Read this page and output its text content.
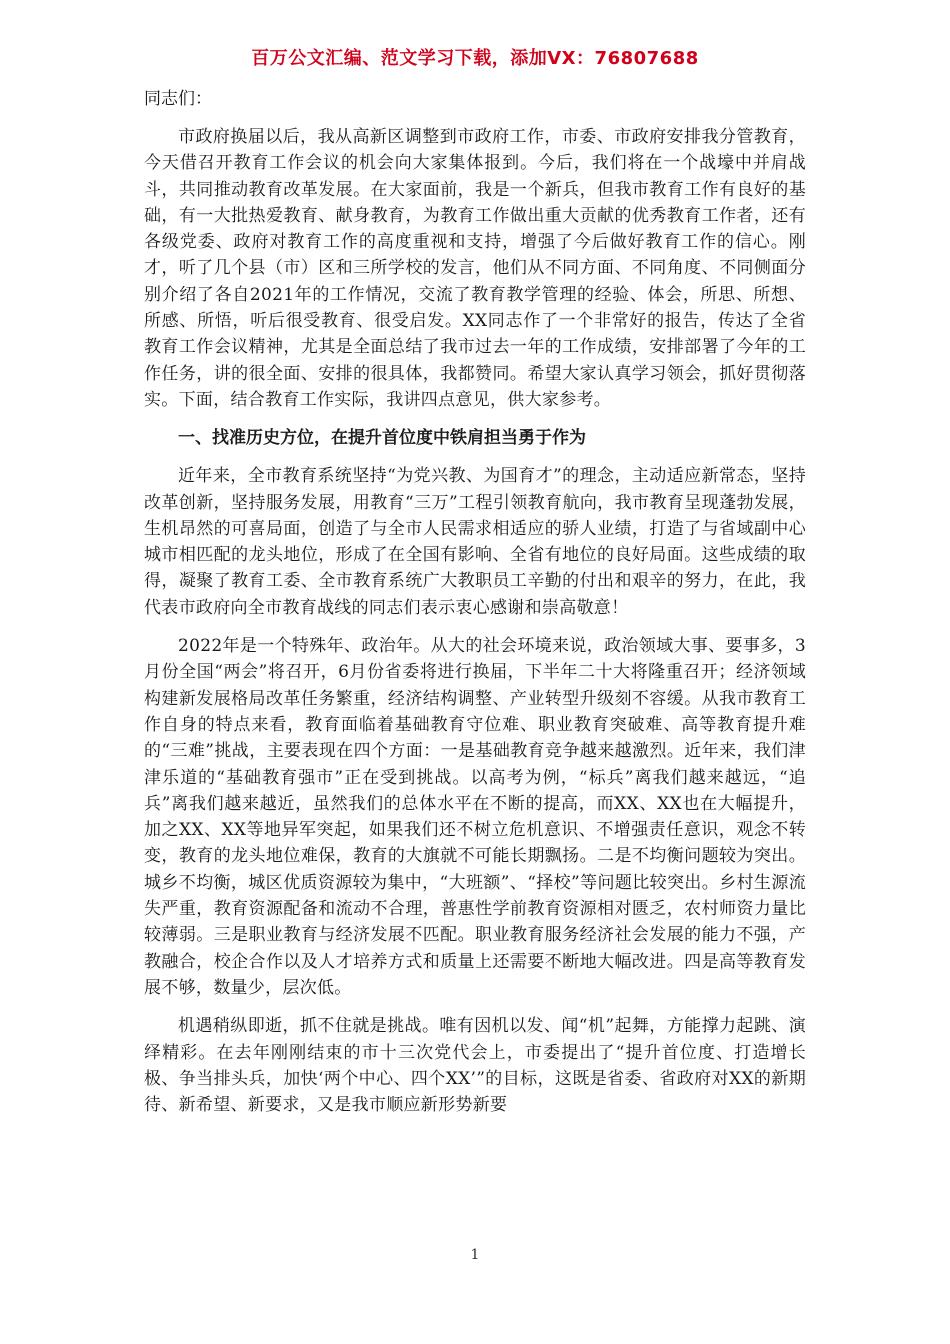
百万公文汇编、范文学习下载，添加VX：76807688

同志们：

市政府换届以后，我从高新区调整到市政府工作，市委、市政府安排我分管教育，今天借召开教育工作会议的机会向大家集体报到。今后，我们将在一个战壕中并肩战斗，共同推动教育改革发展。在大家面前，我是一个新兵，但我市教育工作有良好的基础，有一大批热爱教育、献身教育，为教育工作做出重大贡献的优秀教育工作者，还有各级党委、政府对教育工作的高度重视和支持，增强了今后做好教育工作的信心。刚才，听了几个县（市）区和三所学校的发言，他们从不同方面、不同角度、不同侧面分别介绍了各自2021年的工作情况，交流了教育教学管理的经验、体会，所思、所想、所感、所悟，听后很受教育、很受启发。XX同志作了一个非常好的报告，传达了全省教育工作会议精神，尤其是全面总结了我市过去一年的工作成绩，安排部署了今年的工作任务，讲的很全面、安排的很具体，我都赞同。希望大家认真学习领会，抓好贯彻落实。下面，结合教育工作实际，我讲四点意见，供大家参考。

一、找准历史方位，在提升首位度中铁肩担当勇于作为

近年来，全市教育系统坚持“为党兴教、为国育才”的理念，主动适应新常态，坚持改革创新，坚持服务发展，用教育“三万”工程引领教育航向，我市教育呈现蓬勃发展，生机昂然的可喜局面，创造了与全市人民需求相适应的骄人业绩，打造了与省域副中心城市相匹配的龙头地位，形成了在全国有影响、全省有地位的良好局面。这些成绩的取得，凝聚了教育工委、全市教育系统广大教职员工辛勤的付出和艰辛的努力，在此，我代表市政府向全市教育战线的同志们表示衷心感谢和崇高敬意！

2022年是一个特殊年、政治年。从大的社会环境来说，政治领域大事、要事多，3月份全国“两会”将召开，6月份省委将进行换届，下半年二十大将隆重召开；经济领域构建新发展格局改革任务繁重，经济结构调整、产业转型升级刻不容缓。从我市教育工作自身的特点来看，教育面临着基础教育守位难、职业教育突破难、高等教育提升难的“三难”挑战，主要表现在四个方面：一是基础教育竞争越来越激烈。近年来，我们津津乐道的“基础教育强市”正在受到挑战。以高考为例，“标兵”离我们越来越远，“追兵”离我们越来越近，虽然我们的总体水平在不断的提高，而XX、XX也在大幅提升，加之XX、XX等地异军突起，如果我们还不树立危机意识、不增强责任意识，观念不转变，教育的龙头地位难保，教育的大旗就不可能长期飘扬。二是不均衡问题较为突出。城乡不均衡，城区优质资源较为集中，“大班额”、“择校”等问题比较突出。乡村生源流失严重，教育资源配备和流动不合理，普惠性学前教育资源相对匮乏，农村师资力量比较薄弱。三是职业教育与经济发展不匹配。职业教育服务经济社会发展的能力不强，产教融合，校企合作以及人才培养方式和质量上还需要不断地大幅改进。四是高等教育发展不够，数量少，层次低。

机遇稍纵即逝，抓不住就是挑战。唯有因机以发、闻“机”起舞，方能撑力起跳、演绎精彩。在去年刚刚结束的市十三次党代会上，市委提出了“提升首位度、打造增长极、争当排头兵，加快‘两个中心、四个XX’”的目标，这既是省委、省政府对XX的新期待、新希望、新要求，又是我市顺应新形势新要

1
